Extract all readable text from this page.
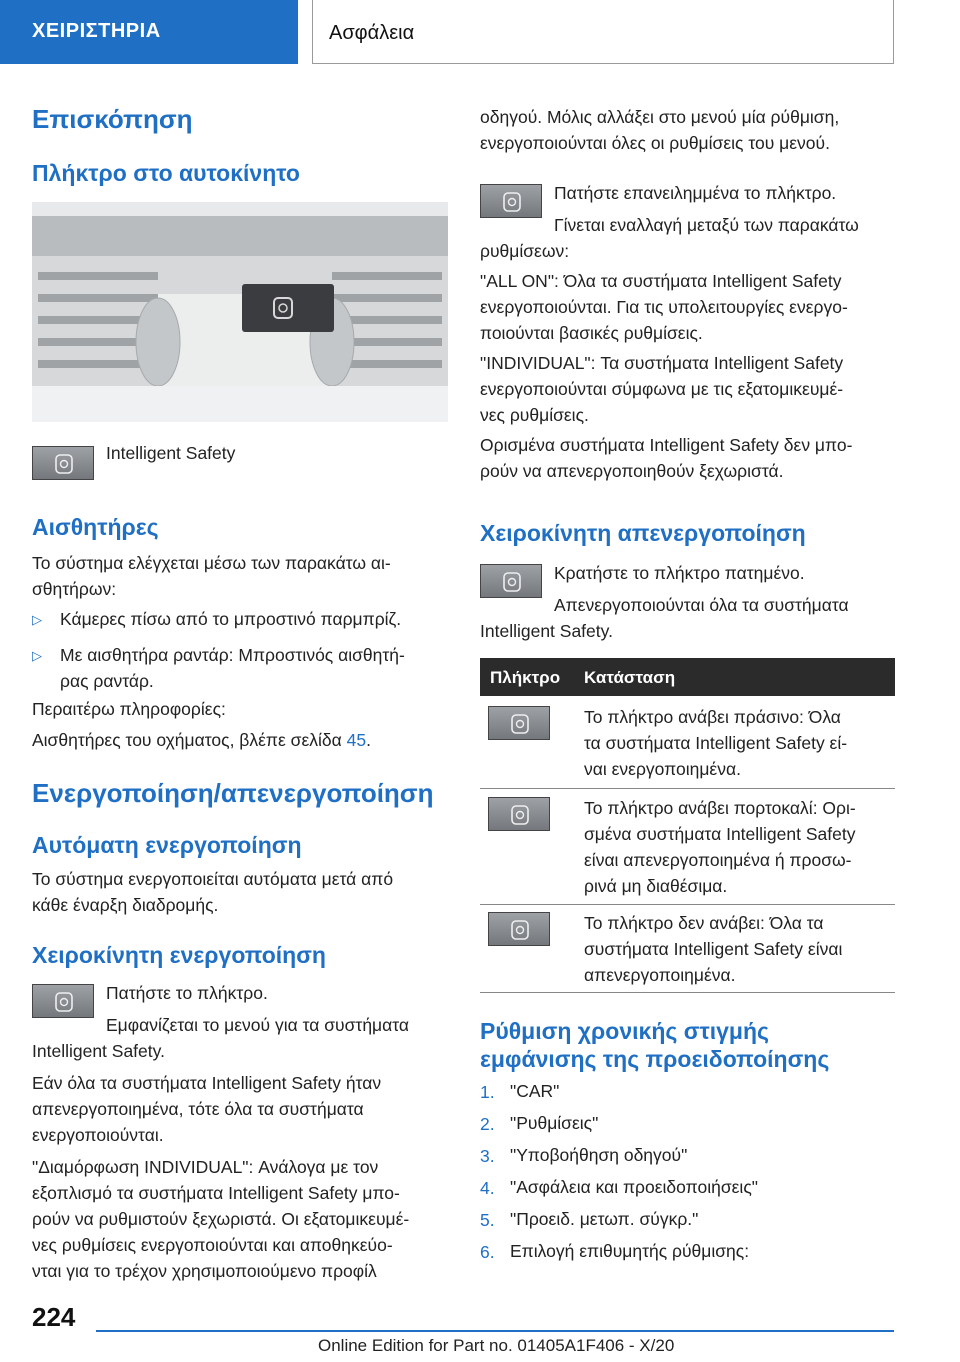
ΧΕΙΡΙΣΤΗΡΙΑ	Ασφάλεια
Επισκόπηση
Πλήκτρο στο αυτοκίνητο
Intelligent Safety
Αισθητήρες
Το σύστημα ελέγχεται μέσω των παρακάτω αι-
σθητήρων:
▷ Κάμερες πίσω από το μπροστινό παρμπρίζ.
▷ Με αισθητήρα ραντάρ: Μπροστινός αισθητή-
ρας ραντάρ.
Περαιτέρω πληροφορίες:
Αισθητήρες του οχήματος, βλέπε σελίδα 45.
Ενεργοποίηση/απενεργοποίηση
Αυτόματη ενεργοποίηση
Το σύστημα ενεργοποιείται αυτόματα μετά από
κάθε έναρξη διαδρομής.
Χειροκίνητη ενεργοποίηση
Πατήστε το πλήκτρο.
Εμφανίζεται το μενού για τα συστήματα
Intelligent Safety.
Εάν όλα τα συστήματα Intelligent Safety ήταν
απενεργοποιημένα, τότε όλα τα συστήματα
ενεργοποιούνται.
"Διαμόρφωση INDIVIDUAL": Ανάλογα με τον
εξοπλισμό τα συστήματα Intelligent Safety μπο-
ρούν να ρυθμιστούν ξεχωριστά. Οι εξατομικευμέ-
νες ρυθμίσεις ενεργοποιούνται και αποθηκεύο-
νται για το τρέχον χρησιμοποιούμενο προφίλ
οδηγού. Μόλις αλλάξει στο μενού μία ρύθμιση,
ενεργοποιούνται όλες οι ρυθμίσεις του μενού.
Πατήστε επανειλημμένα το πλήκτρο.
Γίνεται εναλλαγή μεταξύ των παρακάτω
ρυθμίσεων:
"ALL ON": Όλα τα συστήματα Intelligent Safety
ενεργοποιούνται. Για τις υπολειτουργίες ενεργο-
ποιούνται βασικές ρυθμίσεις.
"INDIVIDUAL": Τα συστήματα Intelligent Safety
ενεργοποιούνται σύμφωνα με τις εξατομικευμέ-
νες ρυθμίσεις.
Ορισμένα συστήματα Intelligent Safety δεν μπο-
ρούν να απενεργοποιηθούν ξεχωριστά.
Χειροκίνητη απενεργοποίηση
Κρατήστε το πλήκτρο πατημένο.
Απενεργοποιούνται όλα τα συστήματα
Intelligent Safety.
Πλήκτρο Κατάσταση
Το πλήκτρο ανάβει πράσινο: Όλα
τα συστήματα Intelligent Safety εί-
ναι ενεργοποιημένα.
Το πλήκτρο ανάβει πορτοκαλί: Ορι-
σμένα συστήματα Intelligent Safety
είναι απενεργοποιημένα ή προσω-
ρινά μη διαθέσιμα.
Το πλήκτρο δεν ανάβει: Όλα τα
συστήματα Intelligent Safety είναι
απενεργοποιημένα.
Ρύθμιση χρονικής στιγμής
εμφάνισης της προειδοποίησης
1. "CAR"
2. "Ρυθμίσεις"
3. "Υποβοήθηση οδηγού"
4. "Ασφάλεια και προειδοποιήσεις"
5. "Προειδ. μετωπ. σύγκρ."
6. Επιλογή επιθυμητής ρύθμισης:
224
Online Edition for Part no. 01405A1F406 - X/20
